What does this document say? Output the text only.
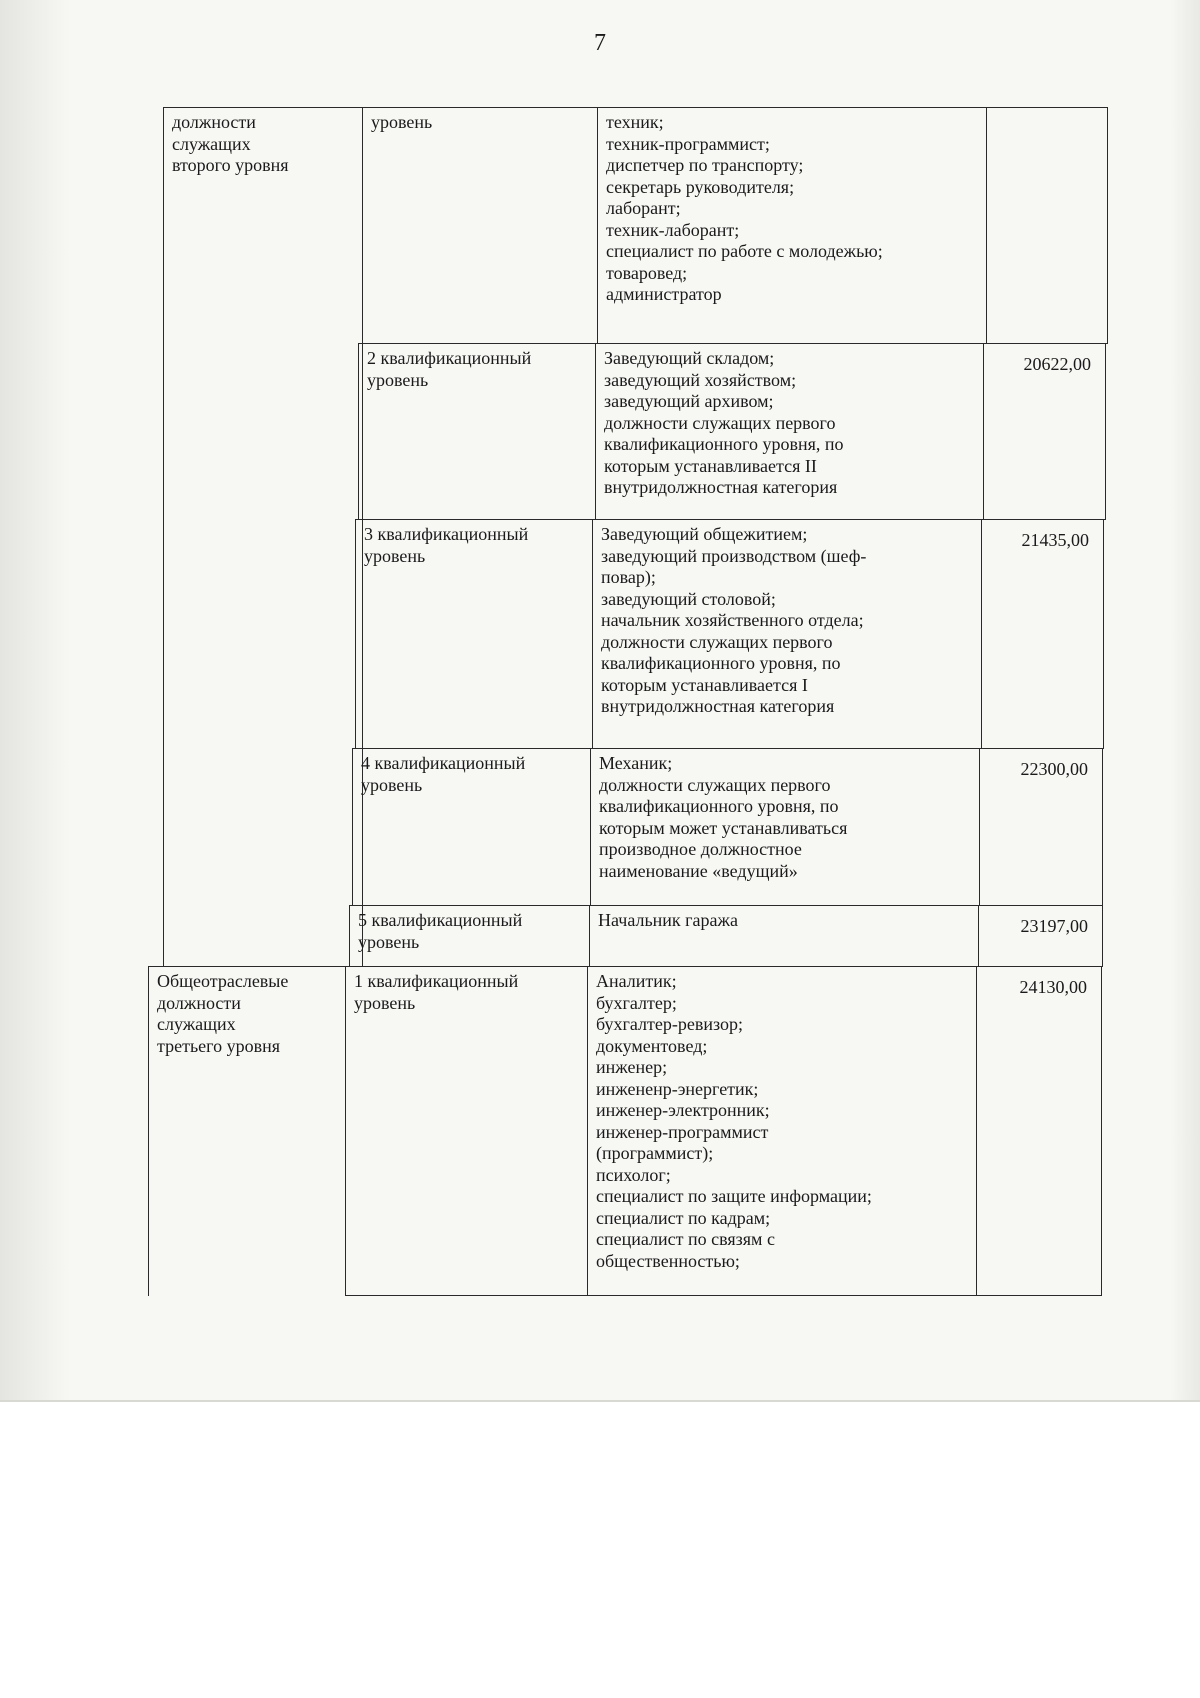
7
должности
служащих
второго уровня
Общеотраслевые
должности
служащих
третьего уровня
уровень	техник;
техник-программист;
диспетчер по транспорту;
секретарь руководителя;
лаборант;
техник-лаборант;
специалист по работе с молодежью;
товаровед;
администратор
2 квалификационный
уровень
Заведующий складом;
заведующий хозяйством;
заведующий архивом;
должности служащих первого
квалификационного уровня, по
которым устанавливается II
внутридолжностная категория
20622,00
3 квалификационный
уровень
Заведующий общежитием;
заведующий производством (шеф-
повар);
заведующий столовой;
начальник хозяйственного отдела;
должности служащих первого
квалификационного уровня, по
которым устанавливается I
внутридолжностная категория
21435,00
4 квалификационный
уровень
Механик;
должности служащих первого
квалификационного уровня, по
которым может устанавливаться
производное должностное
наименование «ведущий»
22300,00
5 квалификационный
уровень
Начальник гаража	23197,00
1 квалификационный
уровень
Аналитик;
бухгалтер;
бухгалтер-ревизор;
документовед;
инженер;
инжененр-энергетик;
инженер-электронник;
инженер-программист
(программист);
психолог;
специалист по защите информации;
специалист по кадрам;
специалист по связям с
общественностью;
24130,00
